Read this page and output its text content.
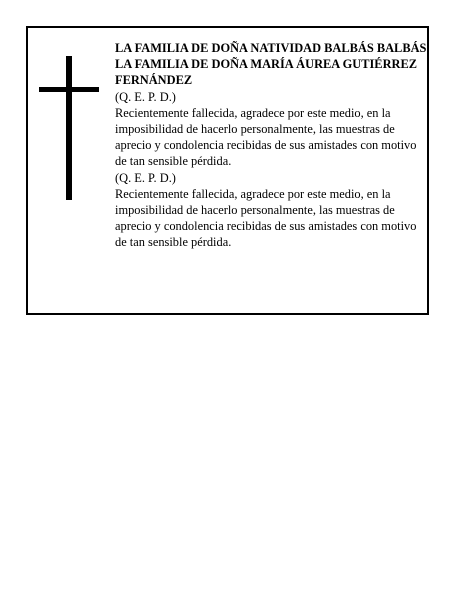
LA FAMILIA DE DOÑA NATIVIDAD BALBÁS BALBÁS LA FAMILIA DE DOÑA MARÍA ÁUREA GUTIÉRREZ FERNÁNDEZ

(Q. E. P. D.)

Recientemente fallecida, agradece por este medio, en la imposibilidad de hacerlo personalmente, las muestras de aprecio y condolencia recibidas de sus amistades con motivo de tan sensible pérdida.

(Q. E. P. D.)

Recientemente fallecida, agradece por este medio, en la imposibilidad de hacerlo personalmente, las muestras de aprecio y condolencia recibidas de sus amistades con motivo de tan sensible pérdida.
